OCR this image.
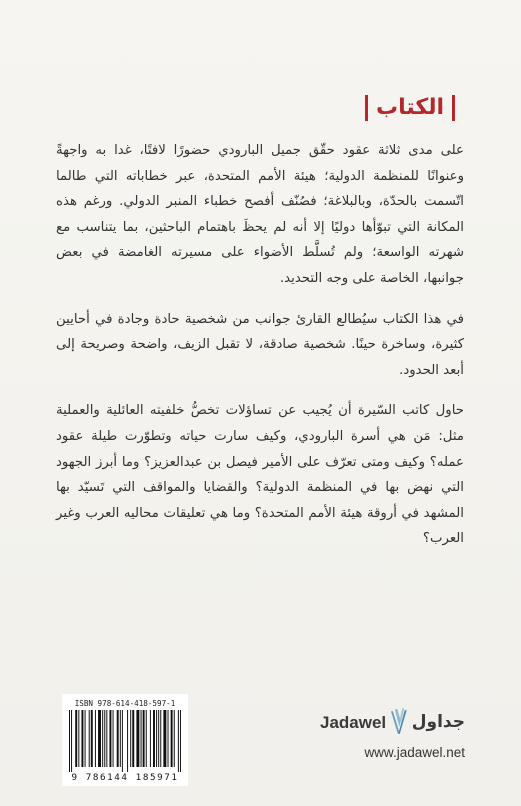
الكتاب

على مدى ثلاثة عقود حقّق جميل البارودي حضورًا لافتًا، غدا به واجهةً وعنوانًا للمنظمة الدولية؛ هيئة الأمم المتحدة، عبر خطاباته التي طالما اتّسمت بالحدّة، وبالبلاغة؛ فصُنّف أفصح خطباء المنبر الدولي. ورغم هذه المكانة التي تبوّأها دوليًا إلا أنه لم يحظَ باهتمام الباحثين، بما يتناسب مع شهرته الواسعة؛ ولم تُسلَّط الأضواء على مسيرته الغامضة في بعض جوانبها، الخاصة على وجه التحديد.

في هذا الكتاب سيُطالع القارئ جوانب من شخصية حادة وجادة في أحايين كثيرة، وساخرة حينًا. شخصية صادقة، لا تقبل الزيف، واضحة وصريحة إلى أبعد الحدود.

حاول كاتب السّيرة أن يُجيب عن تساؤلات تخصُّ خلفيته العائلية والعملية مثل: مَن هي أسرة البارودي، وكيف سارت حياته وتطوّرت طيلة عقود عمله؟ وكيف ومتى تعرّف على الأمير فيصل بن عبدالعزيز؟ وما أبرز الجهود التي نهض بها في المنظمة الدولية؟ والقضايا والمواقف التي تَسيّد بها المشهد في أروقة هيئة الأمم المتحدة؟ وما هي تعليقات محاليه العرب وغير العرب؟

ISBN 978-614-418-597-1
9 786144 185971
Jadawel جداول
www.jadawel.net
